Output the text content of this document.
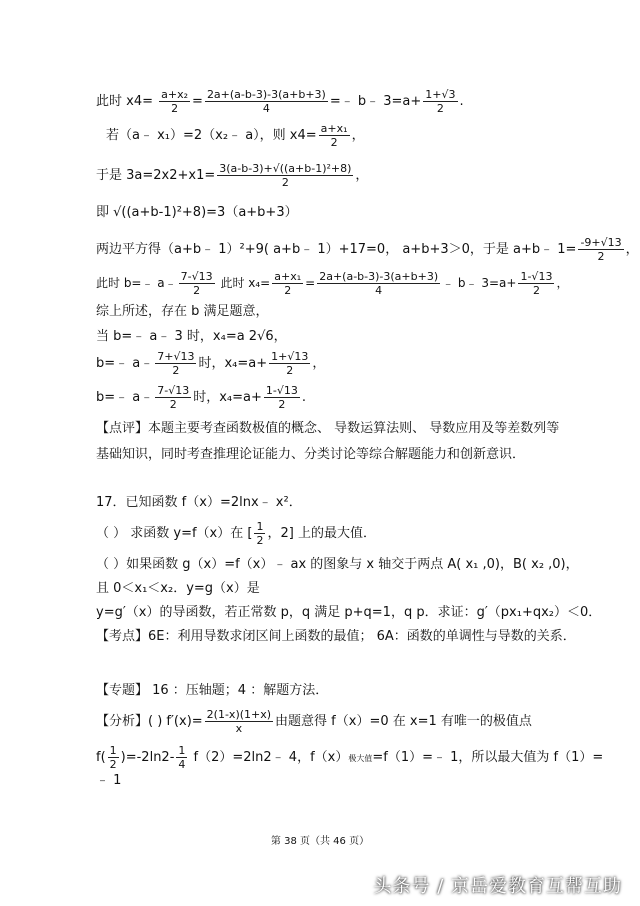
此时 $x4= \frac{\text{a+x₂}}{2} = \frac{2a+(a-b-3)-3(a+b+3)}{4}$ =﹣ b﹣ $3=a+ \frac{1+√3}{2}$ .
若（a﹣ x₁）=2（x₂﹣ a），则 $x4= \frac{\text{a+x₁}}{2}$ ，
于是 $3a=2x2+x1= \frac{\text{3(a-b-3)+√((a+b-1)²+8)}}{2}$ ，
即 √((a+b-1)²+8)=3（a+b+3）
两边平方得（a+b﹣ 1）²+9( a+b﹣ 1）+17=0， a+b+3＞0，于是 a+b﹣ $1= \frac{-9+√13}{2}$ ，
此时 b=﹣ a﹣ $\frac{7-√13}{2}$ 此时 $x_4= \frac{\text{a+x₁}}{2} = \frac{2a+(a-b-3)-3(a+b+3)}{4}$ ﹣ b﹣ $3=a+ \frac{1-√13}{2}$ ，
综上所述，存在 b 满足题意，
当 b=﹣ a﹣ 3 时，x₄=a 2√6，
b=﹣ a﹣ $\frac{7+√13}{2}$ 时，$x_4=a+ \frac{1+√13}{2}$ ，
b=﹣ a﹣ $\frac{7-√13}{2}$ 时，$x_4=a+ \frac{1-√13}{2}$ .
【点评】本题主要考查函数极值的概念、 导数运算法则、 导数应用及等差数列等
基础知识，同时考查推理论证能力、分类讨论等综合解题能力和创新意识．
17．已知函数 f（x）=2lnx﹣ x²．
（ ） 求函数 y=f（x）在 [ $\frac{1}{2}$ ，2] 上的最大值．
（ ）如果函数 g（x）=f（x）﹣ ax 的图象与 x 轴交于两点 A( x₁ ,0)，B( x₂ ,0)，
且 0＜x₁＜x₂．y=g（x）是
y=g′（x）的导函数，若正常数 p，q 满足 p+q=1，q p．求证：g′（px₁+qx₂）＜0．
【考点】6E：利用导数求闭区间上函数的最值； 6A：函数的单调性与导数的关系．
【专题】 16 ：压轴题；4 ：解题方法．
【分析】( ) $f'(x)= \frac{2(1-x)(1+x)}{x}$ 由题意得 f（x）=0 在 x=1 有唯一的极值点
$f( \frac{1}{2} )=-2\ln 2- \frac{1}{4}$ f（2）=2ln2﹣ 4，f（x）极大值=f（1）=﹣ 1，所以最大值为 f（1）=
﹣ 1
第 38 页（共 46 页）
头条号 / 京岳爱教育互帮互助
